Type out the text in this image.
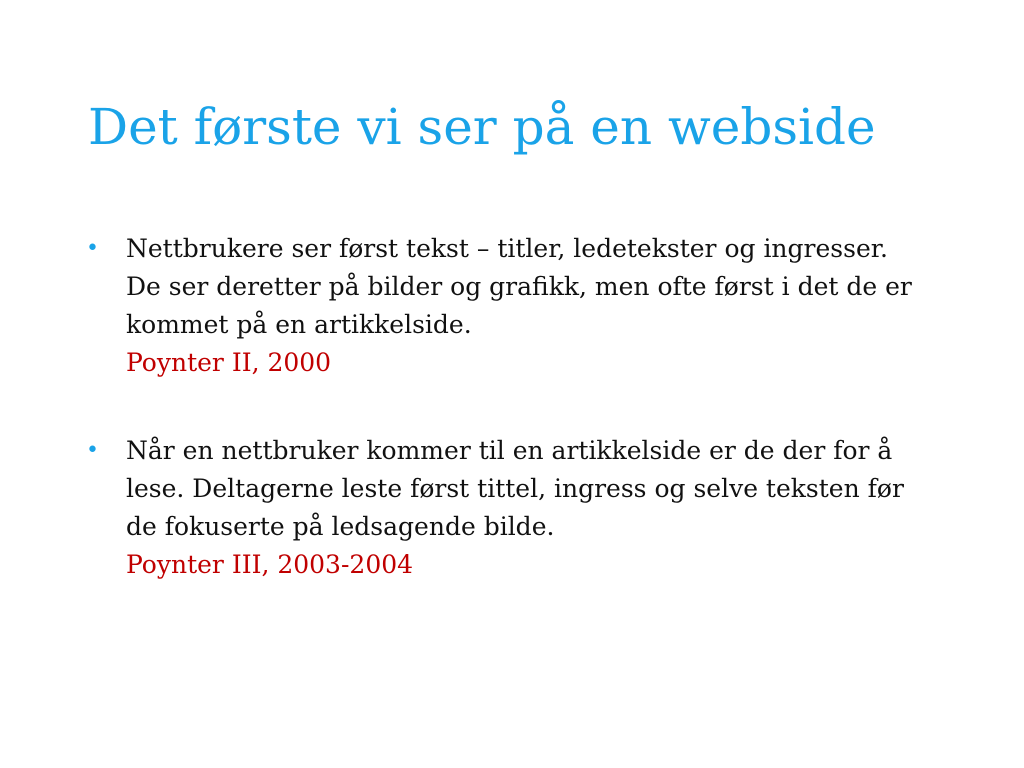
Det første vi ser på en webside
• Nettbrukere ser først tekst – titler, ledetekster og ingresser. De ser deretter på bilder og grafikk, men ofte først i det de er kommet på en artikkelside.
Poynter II, 2000
• Når en nettbruker kommer til en artikkelside er de der for å lese. Deltagerne leste først tittel, ingress og selve teksten før de fokuserte på ledsagende bilde.
Poynter III, 2003-2004
